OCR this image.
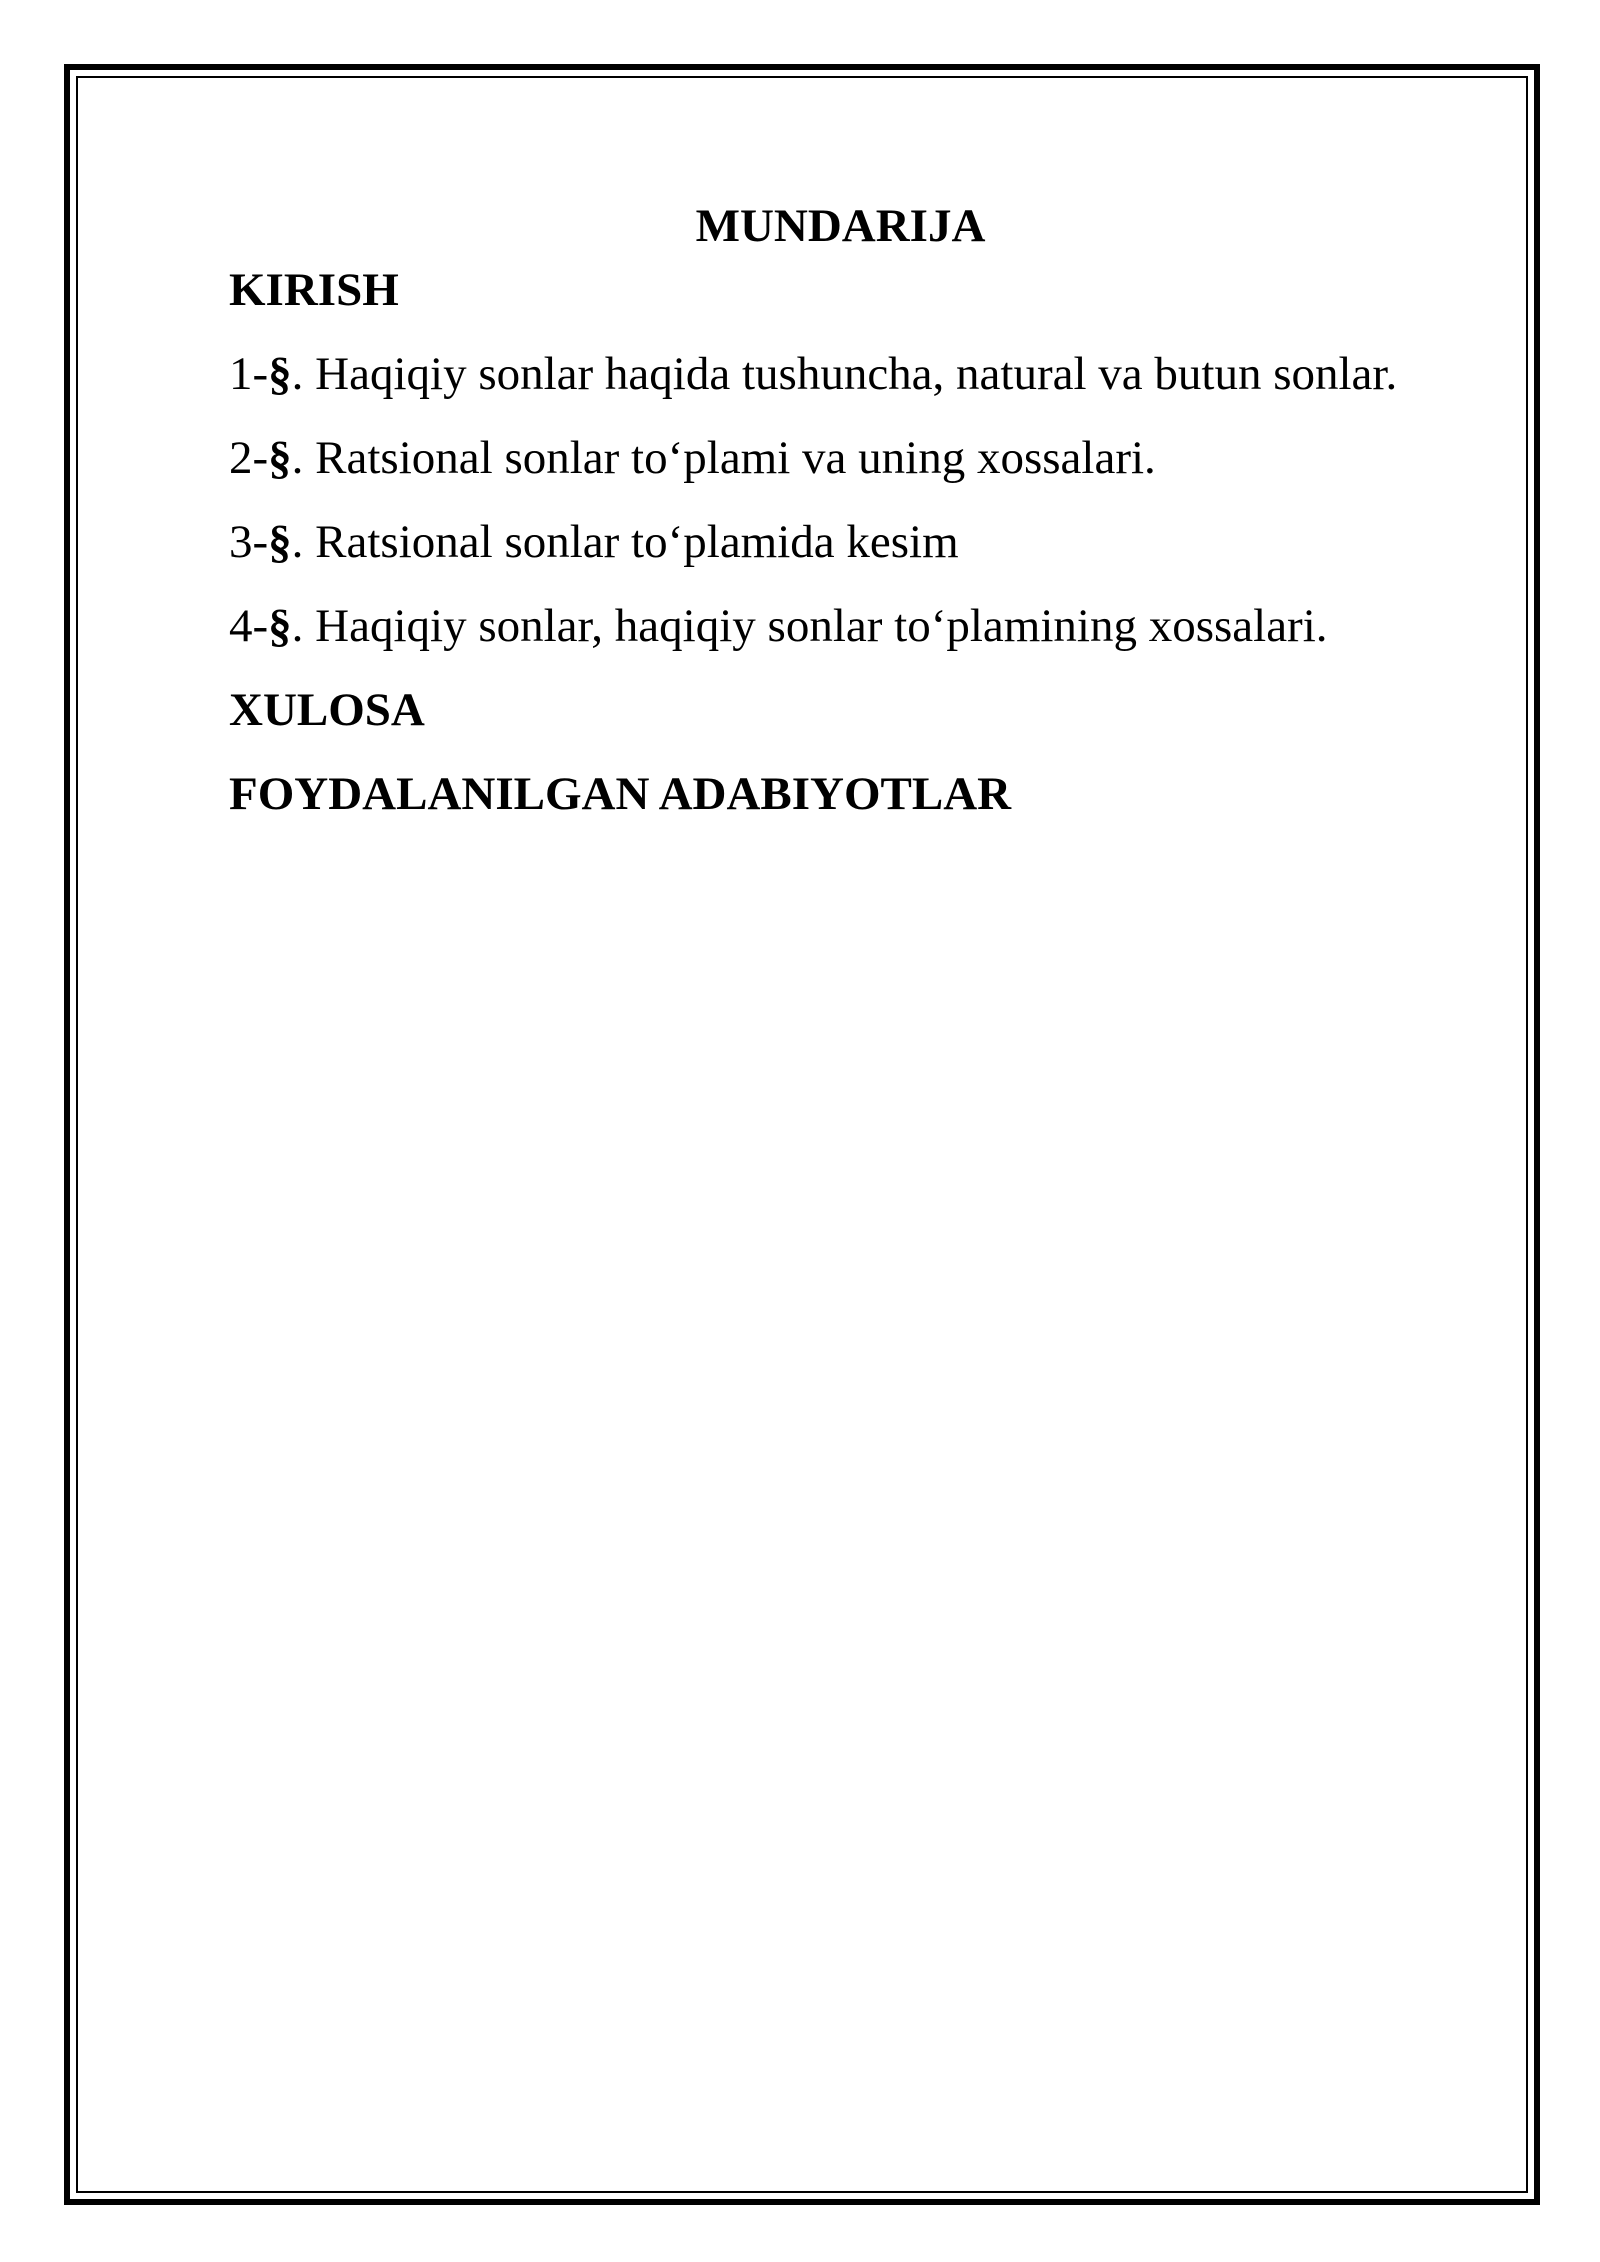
MUNDARIJA

KIRISH

1-§. Haqiqiy sonlar haqida tushuncha, natural va butun sonlar.

2-§. Ratsional sonlar to‘plami va uning xossalari.

3-§. Ratsional sonlar to‘plamida kesim

4-§. Haqiqiy sonlar, haqiqiy sonlar to‘plamining xossalari.

XULOSA

FOYDALANILGAN ADABIYOTLAR
